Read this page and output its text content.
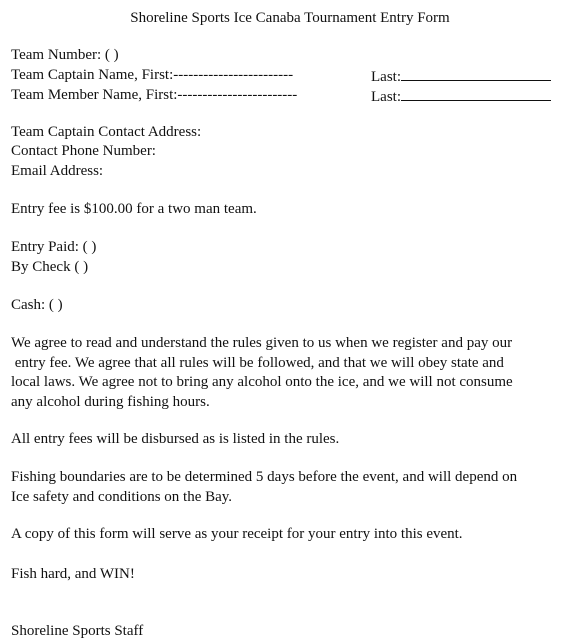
Shoreline Sports Ice Canaba Tournament Entry Form
Team Number: ( )
Team Captain Name, First:------------------------	Last:
Team Member Name, First:------------------------	Last:
Team Captain Contact Address:
Contact Phone Number:
Email Address:
Entry fee is $100.00 for a two man team.
Entry Paid: ( )
By Check ( )
Cash: ( )
We agree to read and understand the rules given to us when we register and pay our
entry fee. We agree that all rules will be followed, and that we will obey state and
local laws. We agree not to bring any alcohol onto the ice, and we will not consume
any alcohol during fishing hours.
All entry fees will be disbursed as is listed in the rules.
Fishing boundaries are to be determined 5 days before the event, and will depend on
Ice safety and conditions on the Bay.
A copy of this form will serve as your receipt for your entry into this event.
Fish hard, and WIN!
Shoreline Sports Staff
